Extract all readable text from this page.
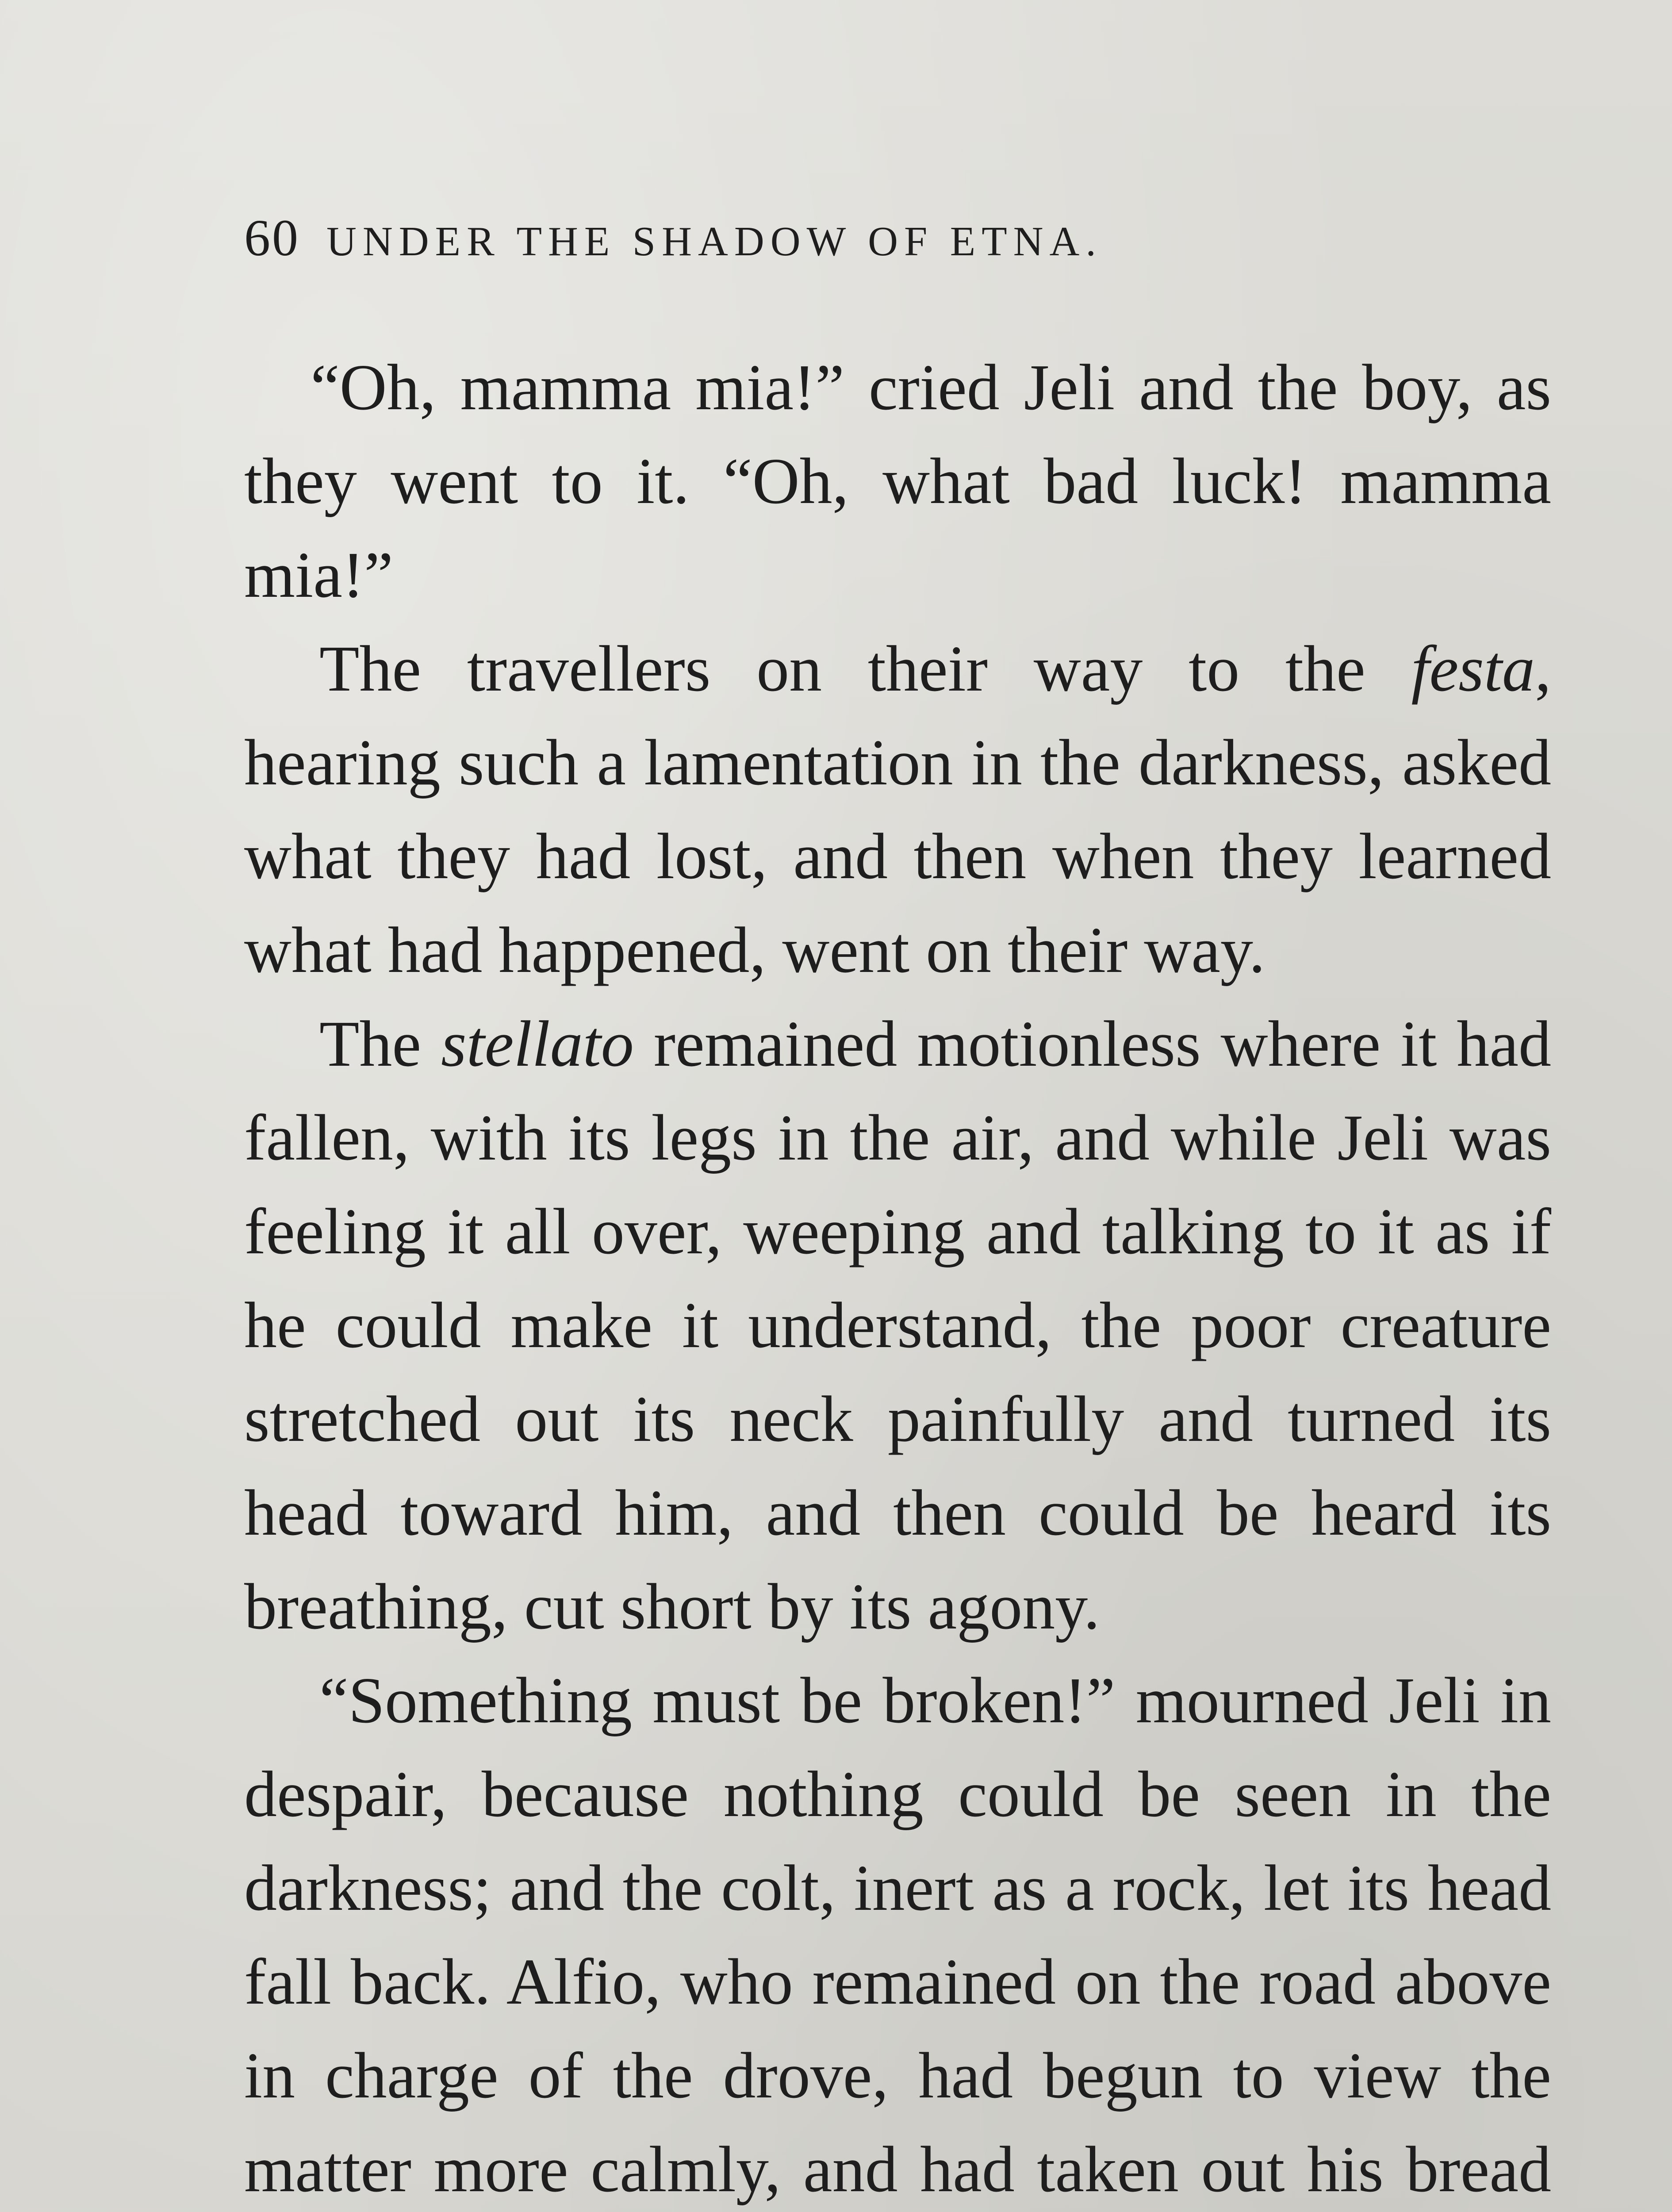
60 UNDER THE SHADOW OF ETNA.

“Oh, mamma mia!” cried Jeli and the boy, as they went to it. “Oh, what bad luck! mamma mia!”

The travellers on their way to the festa, hearing such a lamentation in the darkness, asked what they had lost, and then when they learned what had happened, went on their way.

The stellato remained motionless where it had fallen, with its legs in the air, and while Jeli was feeling it all over, weeping and talking to it as if he could make it understand, the poor creature stretched out its neck painfully and turned its head toward him, and then could be heard its breathing, cut short by its agony.

“Something must be broken!” mourned Jeli in despair, because nothing could be seen in the darkness; and the colt, inert as a rock, let its head fall back. Alfio, who remained on the road above in charge of the drove, had begun to view the matter more calmly, and had taken out his bread
